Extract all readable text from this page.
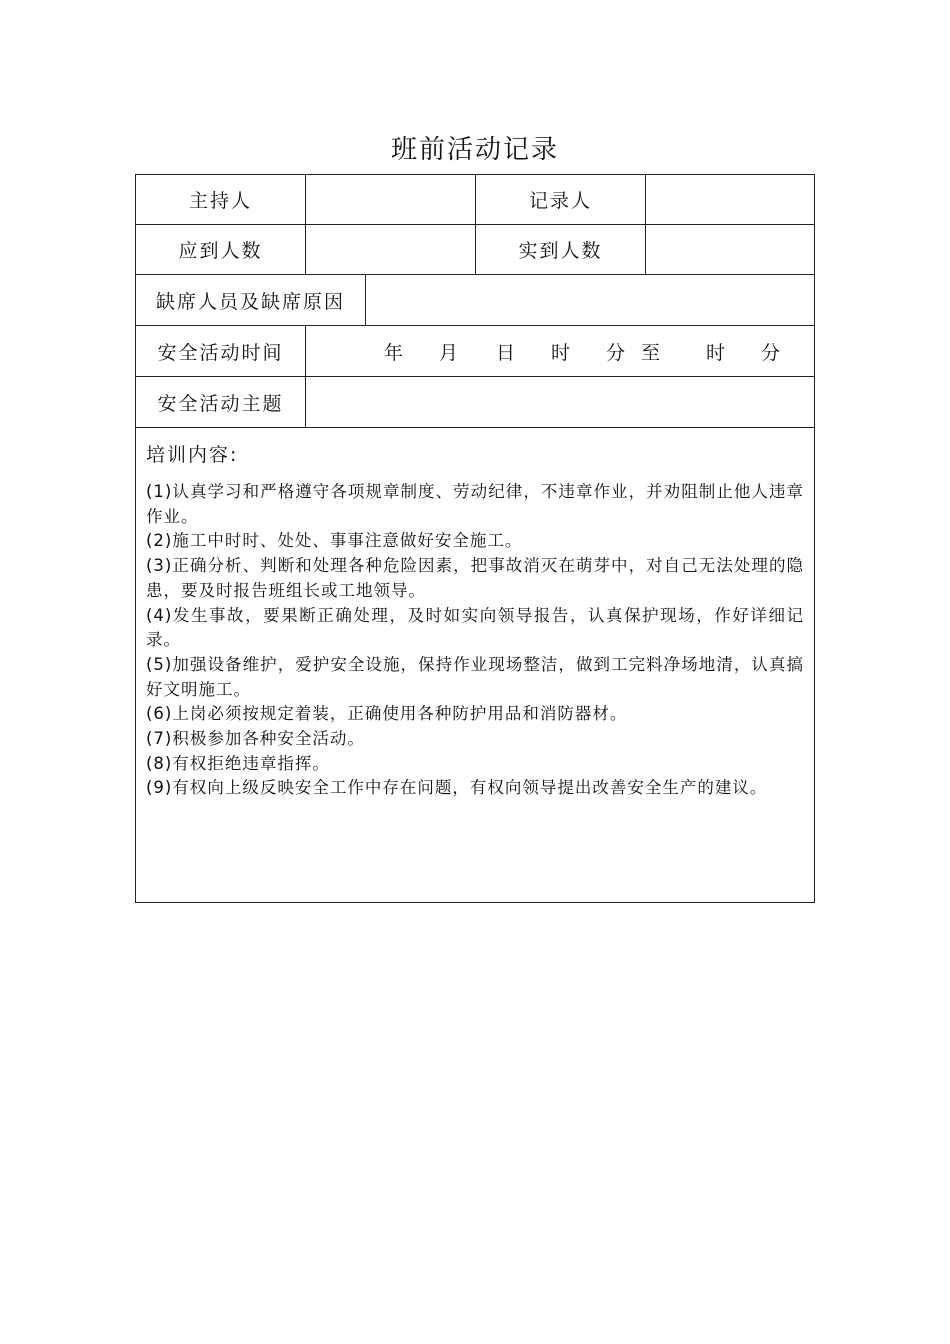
班前活动记录
主持人	记录人
应到人数	实到人数
缺席人员及缺席原因
安全活动时间	年 月 日 时 分 至 时 分
安全活动主题
培训内容:
(1)认真学习和严格遵守各项规章制度、劳动纪律，不违章作业，并劝阻制止他人违章作业。
(2)施工中时时、处处、事事注意做好安全施工。
(3)正确分析、判断和处理各种危险因素，把事故消灭在萌芽中，对自己无法处理的隐患，要及时报告班组长或工地领导。
(4)发生事故，要果断正确处理，及时如实向领导报告，认真保护现场，作好详细记录。
(5)加强设备维护，爱护安全设施，保持作业现场整洁，做到工完料净场地清，认真搞好文明施工。
(6)上岗必须按规定着装，正确使用各种防护用品和消防器材。
(7)积极参加各种安全活动。
(8)有权拒绝违章指挥。
(9)有权向上级反映安全工作中存在问题，有权向领导提出改善安全生产的建议。
